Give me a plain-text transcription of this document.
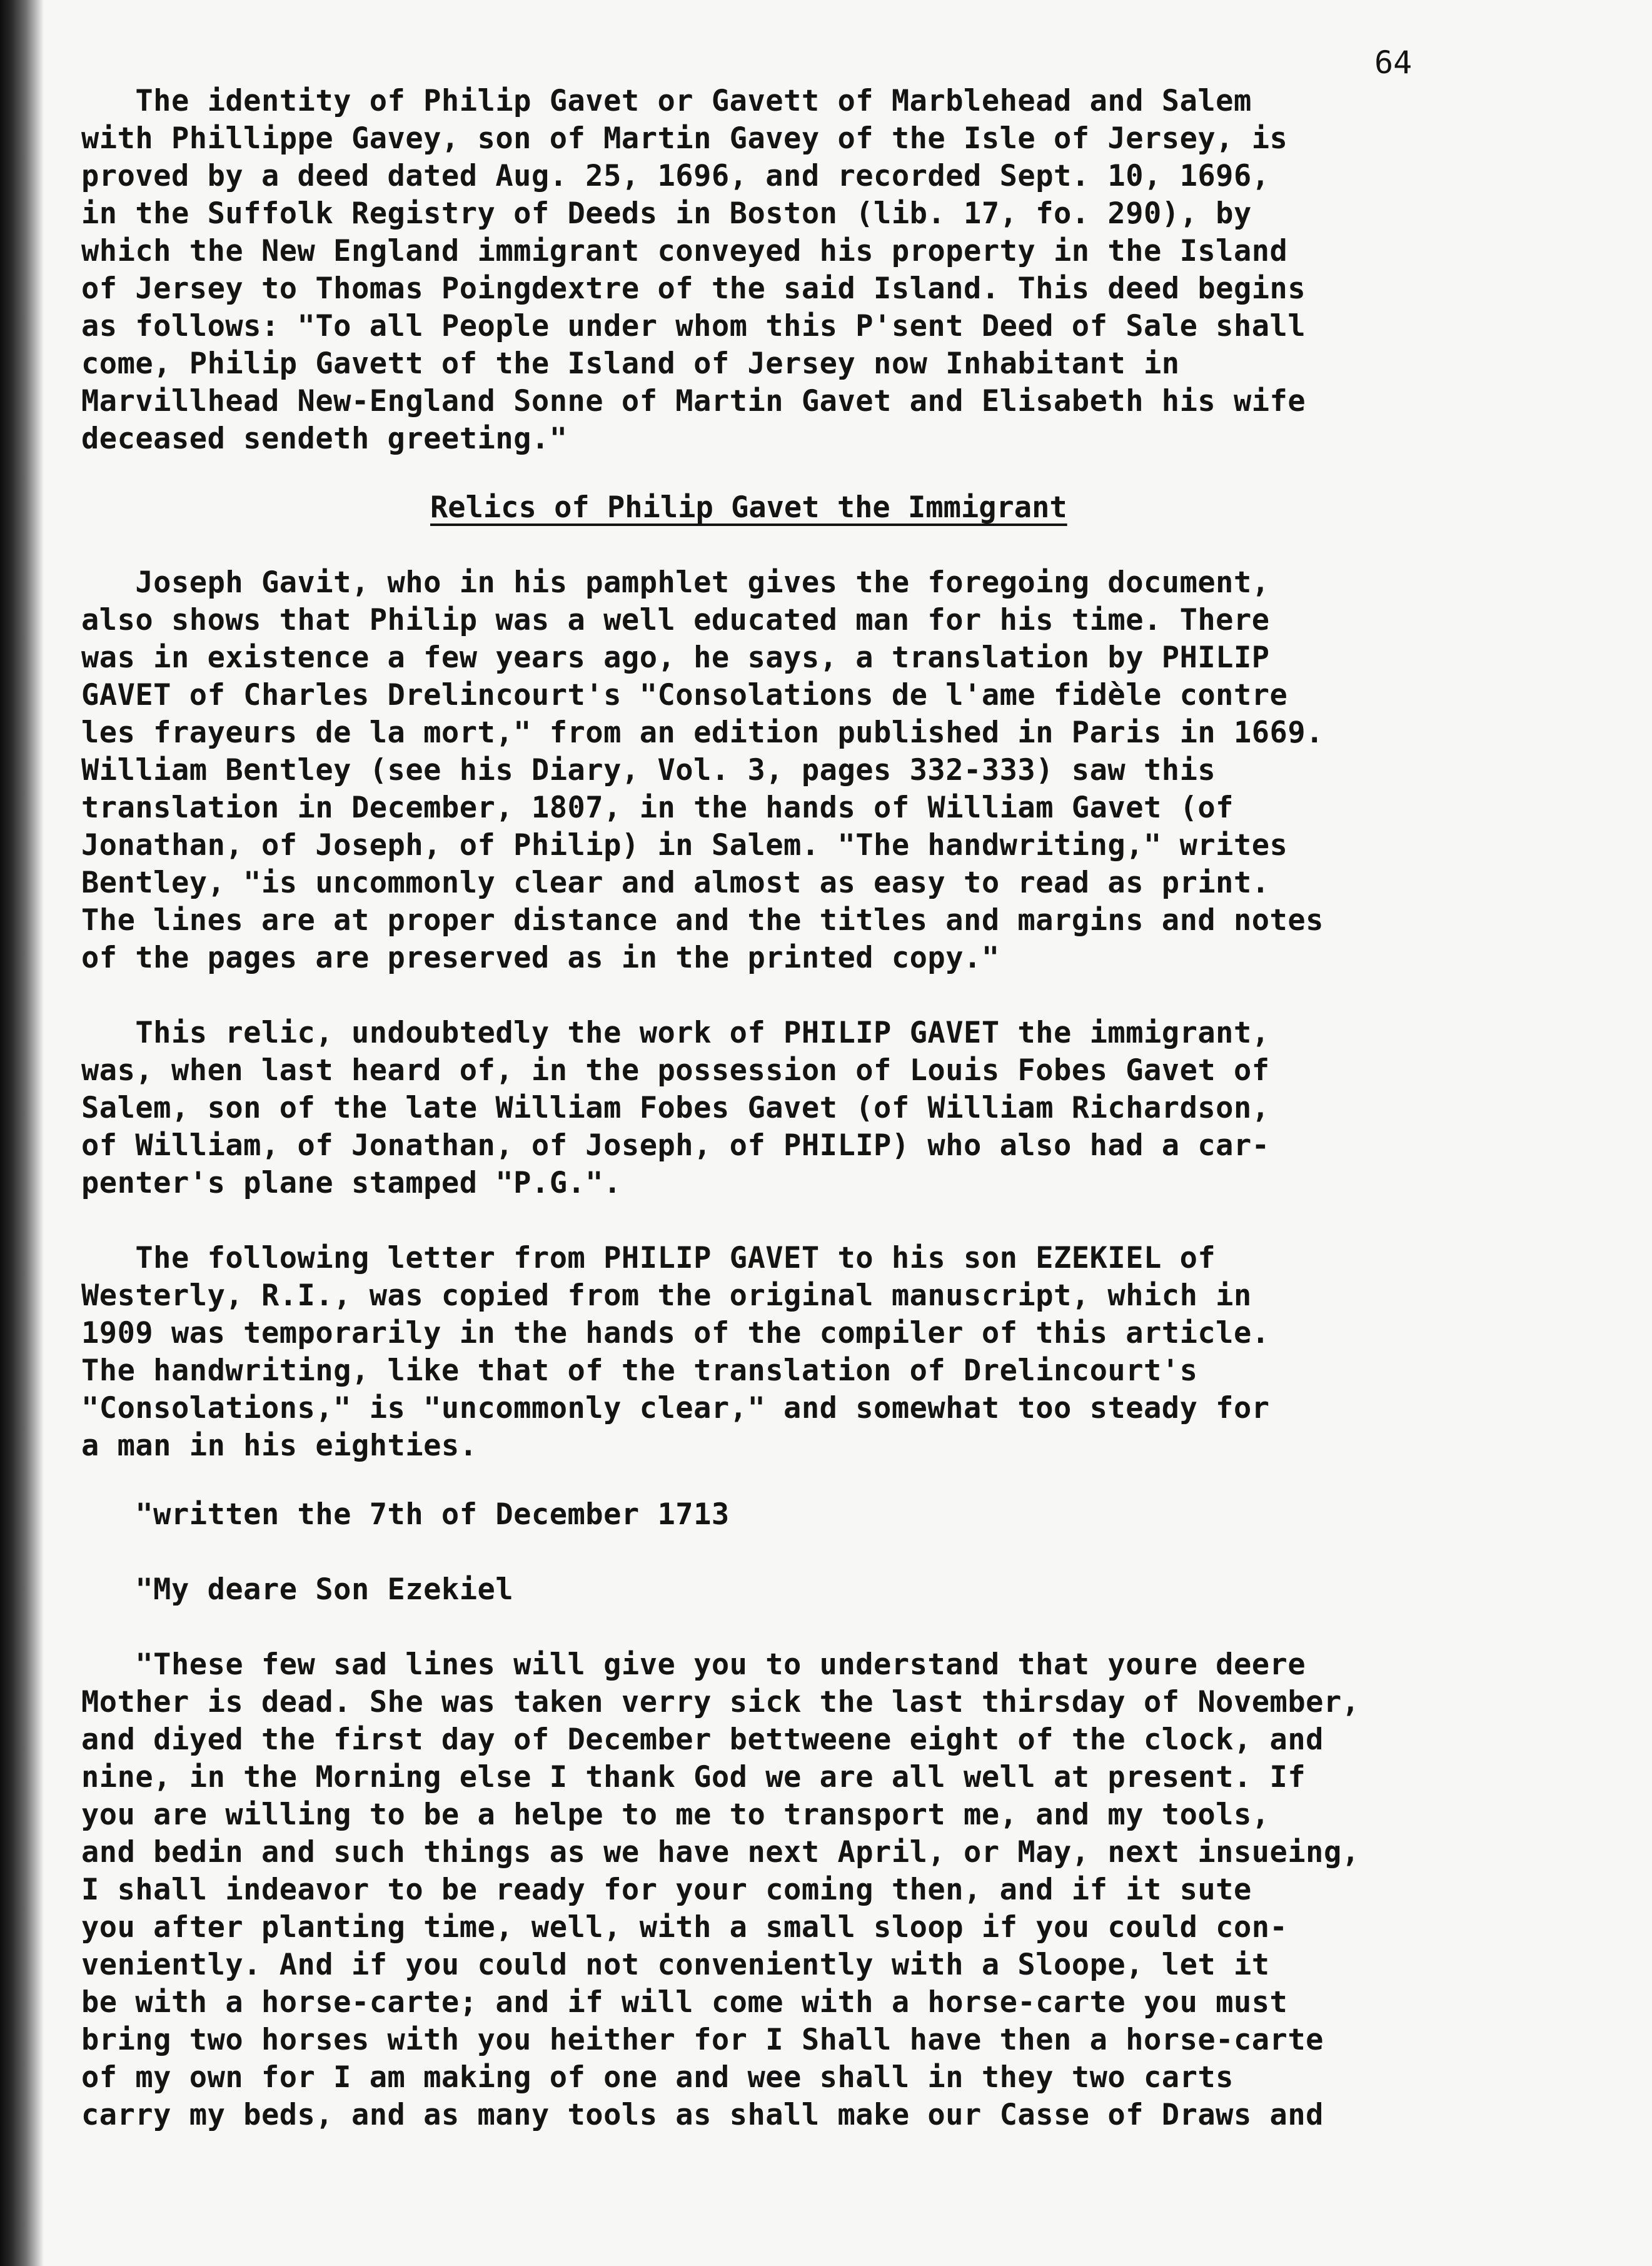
64
The identity of Philip Gavet or Gavett of Marblehead and Salem
with Phillippe Gavey, son of Martin Gavey of the Isle of Jersey, is
proved by a deed dated Aug. 25, 1696, and recorded Sept. 10, 1696,
in the Suffolk Registry of Deeds in Boston (lib. 17, fo. 290), by
which the New England immigrant conveyed his property in the Island
of Jersey to Thomas Poingdextre of the said Island. This deed begins
as follows: "To all People under whom this P'sent Deed of Sale shall
come, Philip Gavett of the Island of Jersey now Inhabitant in
Marvillhead New-England Sonne of Martin Gavet and Elisabeth his wife
deceased sendeth greeting."
Relics of Philip Gavet the Immigrant
Joseph Gavit, who in his pamphlet gives the foregoing document,
also shows that Philip was a well educated man for his time. There
was in existence a few years ago, he says, a translation by PHILIP
GAVET of Charles Drelincourt's "Consolations de l'ame fidèle contre
les frayeurs de la mort," from an edition published in Paris in 1669.
William Bentley (see his Diary, Vol. 3, pages 332-333) saw this
translation in December, 1807, in the hands of William Gavet (of
Jonathan, of Joseph, of Philip) in Salem. "The handwriting," writes
Bentley, "is uncommonly clear and almost as easy to read as print.
The lines are at proper distance and the titles and margins and notes
of the pages are preserved as in the printed copy."
This relic, undoubtedly the work of PHILIP GAVET the immigrant,
was, when last heard of, in the possession of Louis Fobes Gavet of
Salem, son of the late William Fobes Gavet (of William Richardson,
of William, of Jonathan, of Joseph, of PHILIP) who also had a car-
penter's plane stamped "P.G.".
The following letter from PHILIP GAVET to his son EZEKIEL of
Westerly, R.I., was copied from the original manuscript, which in
1909 was temporarily in the hands of the compiler of this article.
The handwriting, like that of the translation of Drelincourt's
"Consolations," is "uncommonly clear," and somewhat too steady for
a man in his eighties.
"written the 7th of December 1713
"My deare Son Ezekiel
"These few sad lines will give you to understand that youre deere
Mother is dead. She was taken verry sick the last thirsday of November,
and diyed the first day of December bettweene eight of the clock, and
nine, in the Morning else I thank God we are all well at present. If
you are willing to be a helpe to me to transport me, and my tools,
and bedin and such things as we have next April, or May, next insueing,
I shall indeavor to be ready for your coming then, and if it sute
you after planting time, well, with a small sloop if you could con-
veniently. And if you could not conveniently with a Sloope, let it
be with a horse-carte; and if will come with a horse-carte you must
bring two horses with you heither for I Shall have then a horse-carte
of my own for I am making of one and wee shall in they two carts
carry my beds, and as many tools as shall make our Casse of Draws and
